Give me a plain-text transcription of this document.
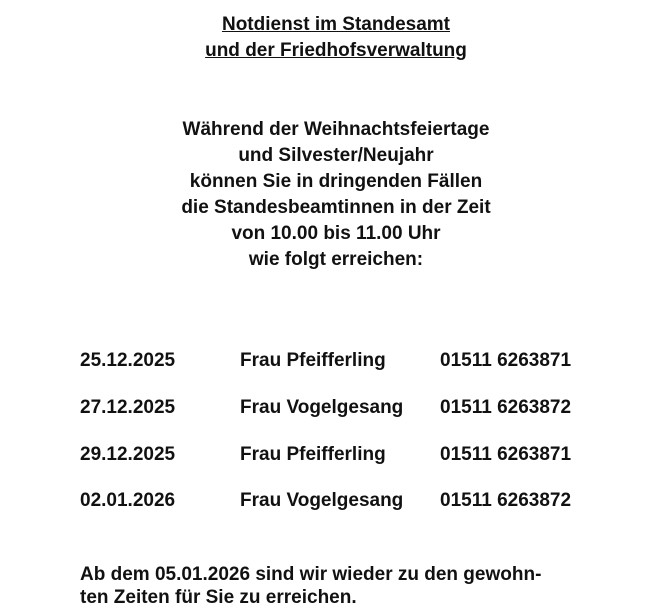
Notdienst im Standesamt
und der Friedhofsverwaltung
Während der Weihnachtsfeiertage
und Silvester/Neujahr
können Sie in dringenden Fällen
die Standesbeamtinnen in der Zeit
von 10.00 bis 11.00 Uhr
wie folgt erreichen:
25.12.2025	Frau Pfeifferling	01511 6263871
27.12.2025	Frau Vogelgesang 01511 6263872
29.12.2025	Frau Pfeifferling	01511 6263871
02.01.2026	Frau Vogelgesang 01511 6263872
Ab dem 05.01.2026 sind wir wieder zu den gewohn-
ten Zeiten für Sie zu erreichen.
